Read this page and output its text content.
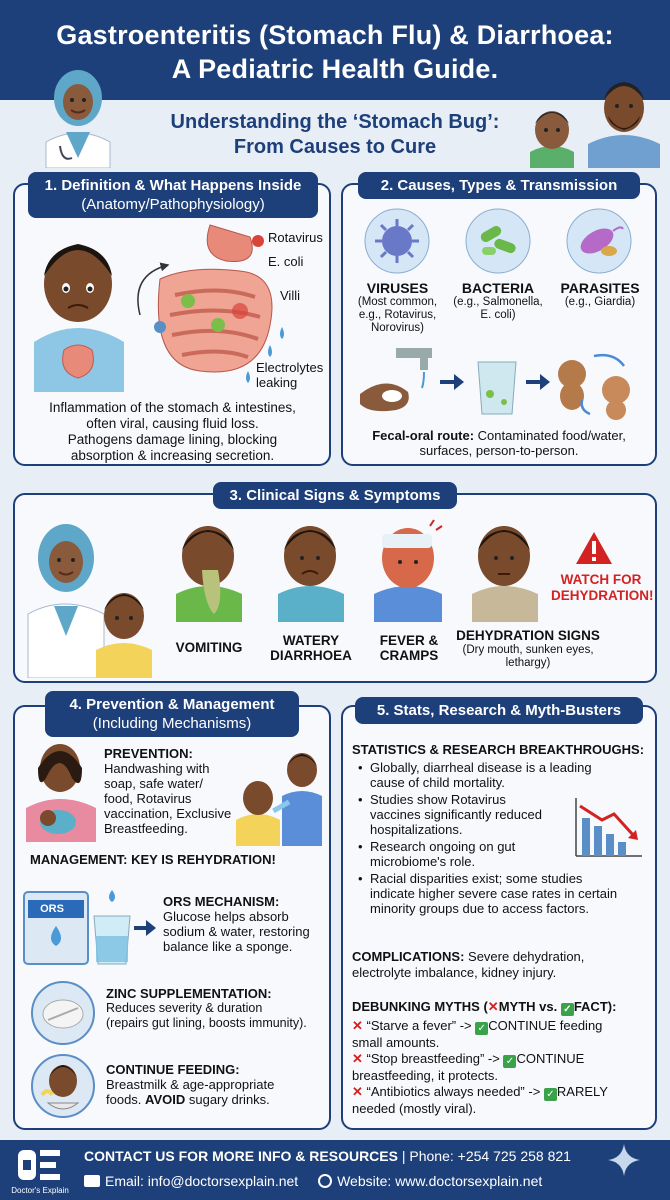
Gastroenteritis (Stomach Flu) & Diarrhoea:
A Pediatric Health Guide.
Understanding the ‘Stomach Bug’:
From Causes to Cure
1. Definition & What Happens Inside
(Anatomy/Pathophysiology)
Rotavirus
E. coli
Villi
Electrolytes
leaking
Inflammation of the stomach & intestines,
often viral, causing fluid loss.
Pathogens damage lining, blocking
absorption & increasing secretion.
2. Causes, Types & Transmission
VIRUSES
(Most common,
e.g., Rotavirus,
Norovirus)
BACTERIA
(e.g., Salmonella,
E. coli)
PARASITES
(e.g., Giardia)
Fecal-oral route: Contaminated food/water,
surfaces, person-to-person.
3. Clinical Signs & Symptoms
WATCH FOR
DEHYDRATION!
VOMITING	WATERY
DIARRHOEA
FEVER &
CRAMPS
DEHYDRATION SIGNS
(Dry mouth, sunken eyes,
lethargy)
4. Prevention & Management
(Including Mechanisms)
PREVENTION:
Handwashing with
soap, safe water/
food, Rotavirus
vaccination, Exclusive
Breastfeeding.
MANAGEMENT: KEY IS REHYDRATION!
ORS	ORS MECHANISM:
Glucose helps absorb
sodium & water, restoring
balance like a sponge.
ZINC SUPPLEMENTATION:
Reduces severity & duration
(repairs gut lining, boosts immunity).
CONTINUE FEEDING:
Breastmilk & age-appropriate
foods. AVOID sugary drinks.
5. Stats, Research & Myth-Busters
STATISTICS & RESEARCH BREAKTHROUGHS:
• Globally, diarrheal disease is a leading
cause of child mortality.
• Studies show Rotavirus
vaccines significantly reduced
hospitalizations.
• Research ongoing on gut
microbiome's role.
• Racial disparities exist; some studies
indicate higher severe case rates in certain
minority groups due to access factors.
COMPLICATIONS: Severe dehydration,
electrolyte imbalance, kidney injury.
DEBUNKING MYTHS (✕MYTH vs. ✓ FACT):
✕ “Starve a fever” -> ✓ CONTINUE feeding
small amounts.
✕ “Stop breastfeeding” -> ✓ CONTINUE
breastfeeding, it protects.
✕ “Antibiotics always needed” -> ✓ RARELY
needed (mostly viral).
Doctor's Explain
CONTACT US FOR MORE INFO & RESOURCES | Phone: +254 725 258 821
Email: info@doctorsexplain.net	Website: www.doctorsexplain.net
